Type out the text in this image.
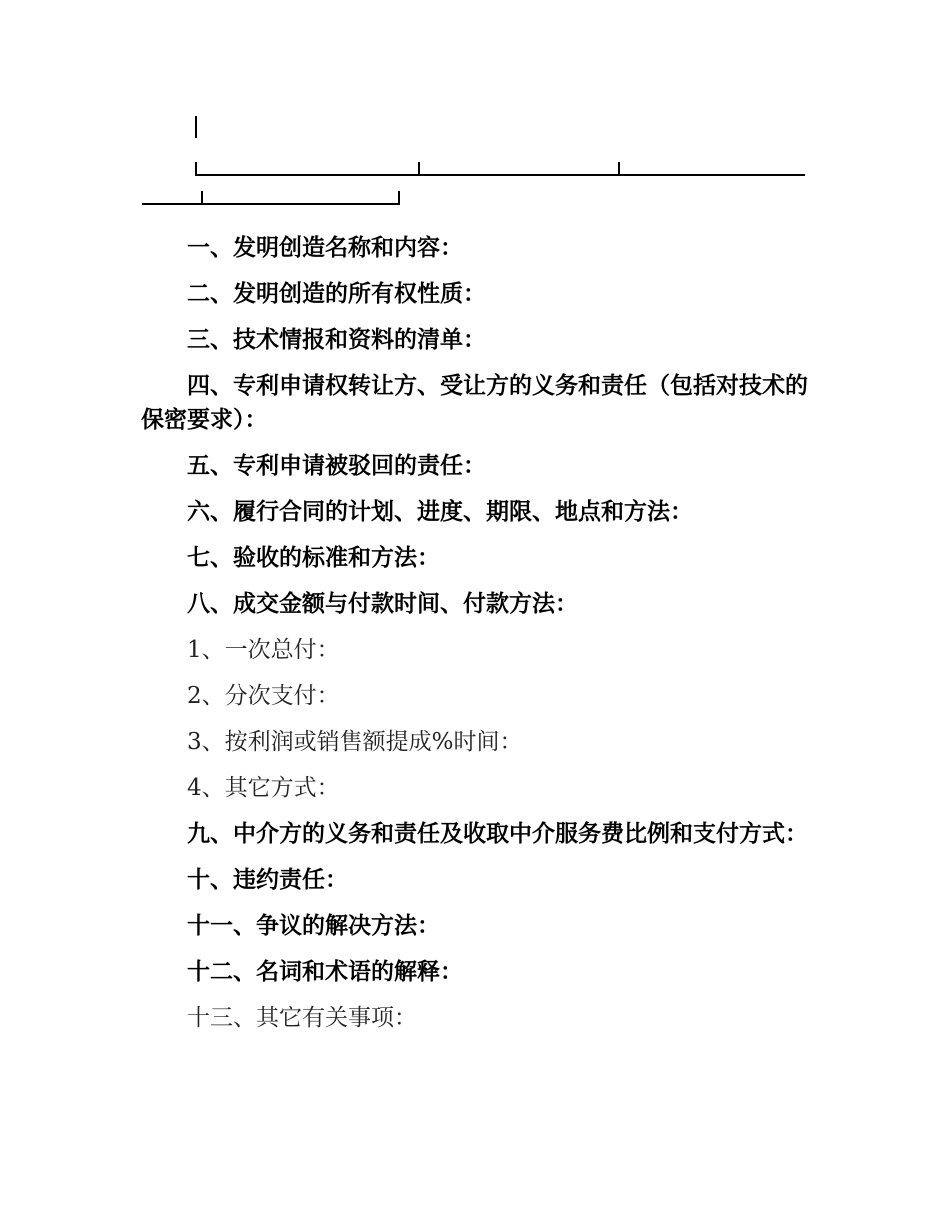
一、发明创造名称和内容：

二、发明创造的所有权性质：

三、技术情报和资料的清单：

四、专利申请权转让方、受让方的义务和责任（包括对技术的保密要求）：

五、专利申请被驳回的责任：

六、履行合同的计划、进度、期限、地点和方法：

七、验收的标准和方法：

八、成交金额与付款时间、付款方法：

1、一次总付：

2、分次支付：

3、按利润或销售额提成%时间：

4、其它方式：

九、中介方的义务和责任及收取中介服务费比例和支付方式：

十、违约责任：

十一、争议的解决方法：

十二、名词和术语的解释：

十三、其它有关事项：
